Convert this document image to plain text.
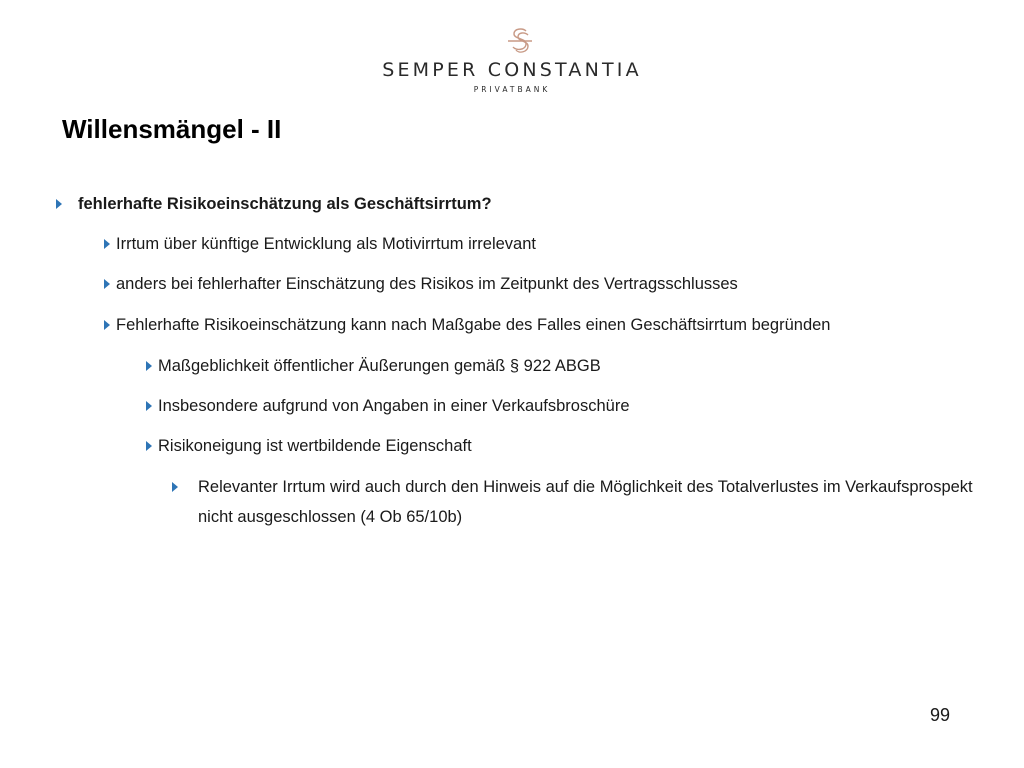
SEMPER CONSTANTIA
PRIVATBANK
Willensmängel - II
fehlerhafte Risikoeinschätzung als Geschäftsirrtum?
Irrtum über künftige Entwicklung als Motivirrtum irrelevant
anders bei fehlerhafter Einschätzung des Risikos im Zeitpunkt des Vertragsschlusses
Fehlerhafte Risikoeinschätzung kann nach Maßgabe des Falles einen Geschäftsirrtum begründen
Maßgeblichkeit öffentlicher Äußerungen gemäß § 922 ABGB
Insbesondere aufgrund von Angaben in einer Verkaufsbroschüre
Risikoneigung ist wertbildende Eigenschaft
Relevanter Irrtum wird auch durch den Hinweis auf die Möglichkeit des Totalverlustes im Verkaufsprospekt nicht ausgeschlossen (4 Ob 65/10b)
99
